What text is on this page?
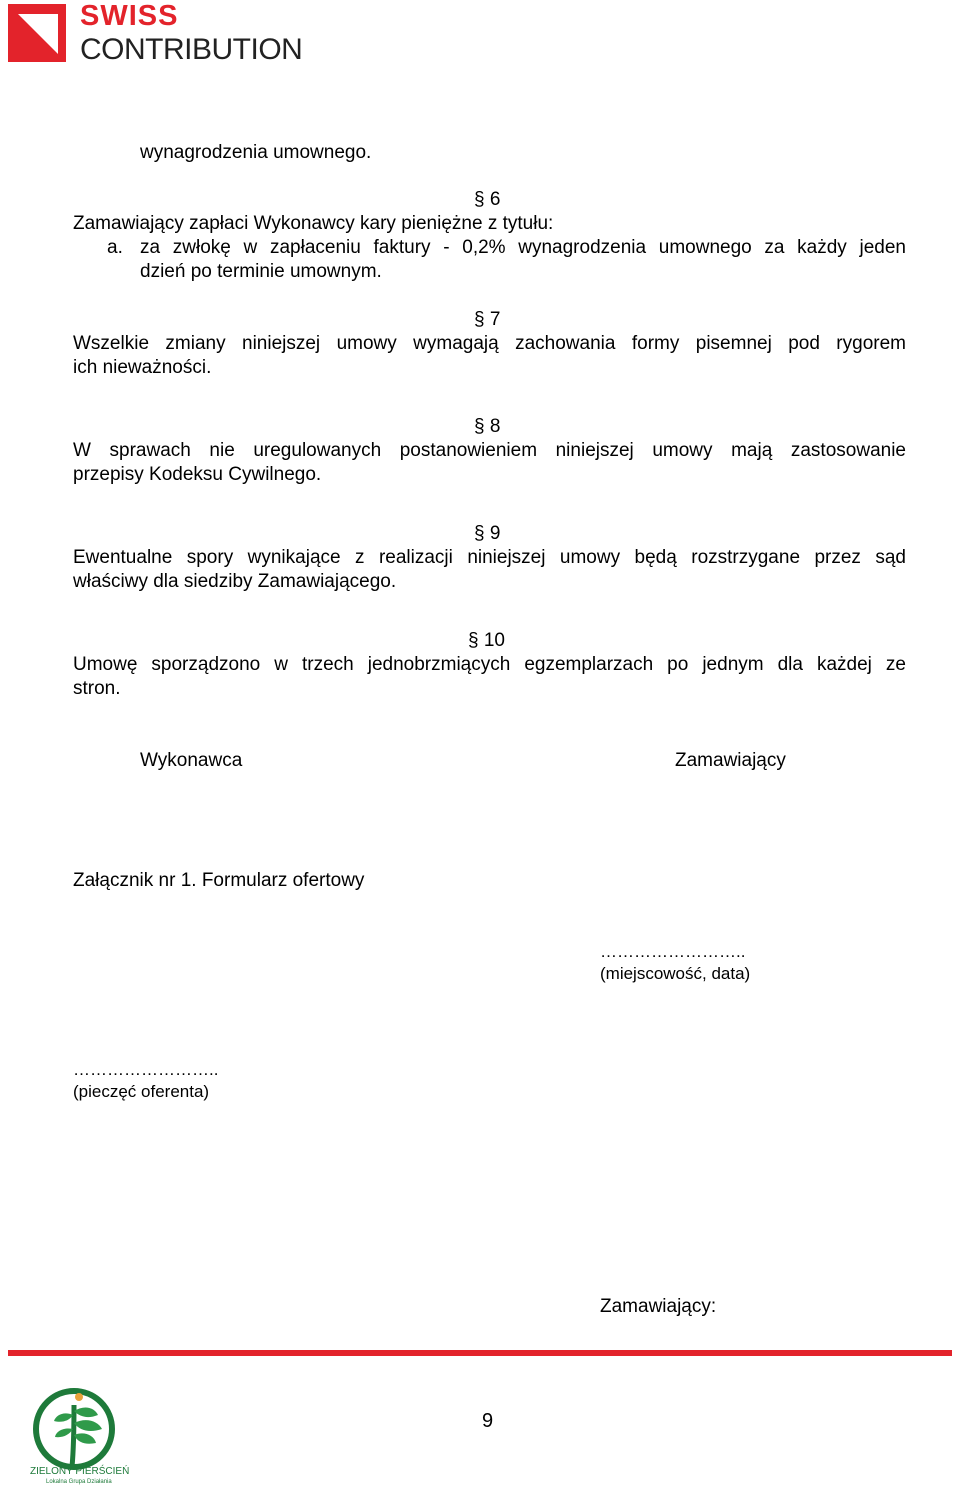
SWISS
CONTRIBUTION
wynagrodzenia umownego.
§ 6
Zamawiający zapłaci Wykonawcy kary pieniężne z tytułu:
a. za zwłokę w zapłaceniu faktury - 0,2% wynagrodzenia umownego za każdy jeden
dzień po terminie umownym.
§ 7
Wszelkie zmiany niniejszej umowy wymagają zachowania formy pisemnej pod rygorem
ich nieważności.
§ 8
W sprawach nie uregulowanych postanowieniem niniejszej umowy mają zastosowanie
przepisy Kodeksu Cywilnego.
§ 9
Ewentualne spory wynikające z realizacji niniejszej umowy będą rozstrzygane przez sąd
właściwy dla siedziby Zamawiającego.
§ 10
Umowę sporządzono w trzech jednobrzmiących egzemplarzach po jednym dla każdej ze
stron.
Wykonawca	Zamawiający
Załącznik nr 1. Formularz ofertowy
……………………..
(miejscowość, data)
……………………..
(pieczęć oferenta)
Zamawiający:
ZIELONY PIERŚCIEŃ
Lokalna Grupa Działania
9
